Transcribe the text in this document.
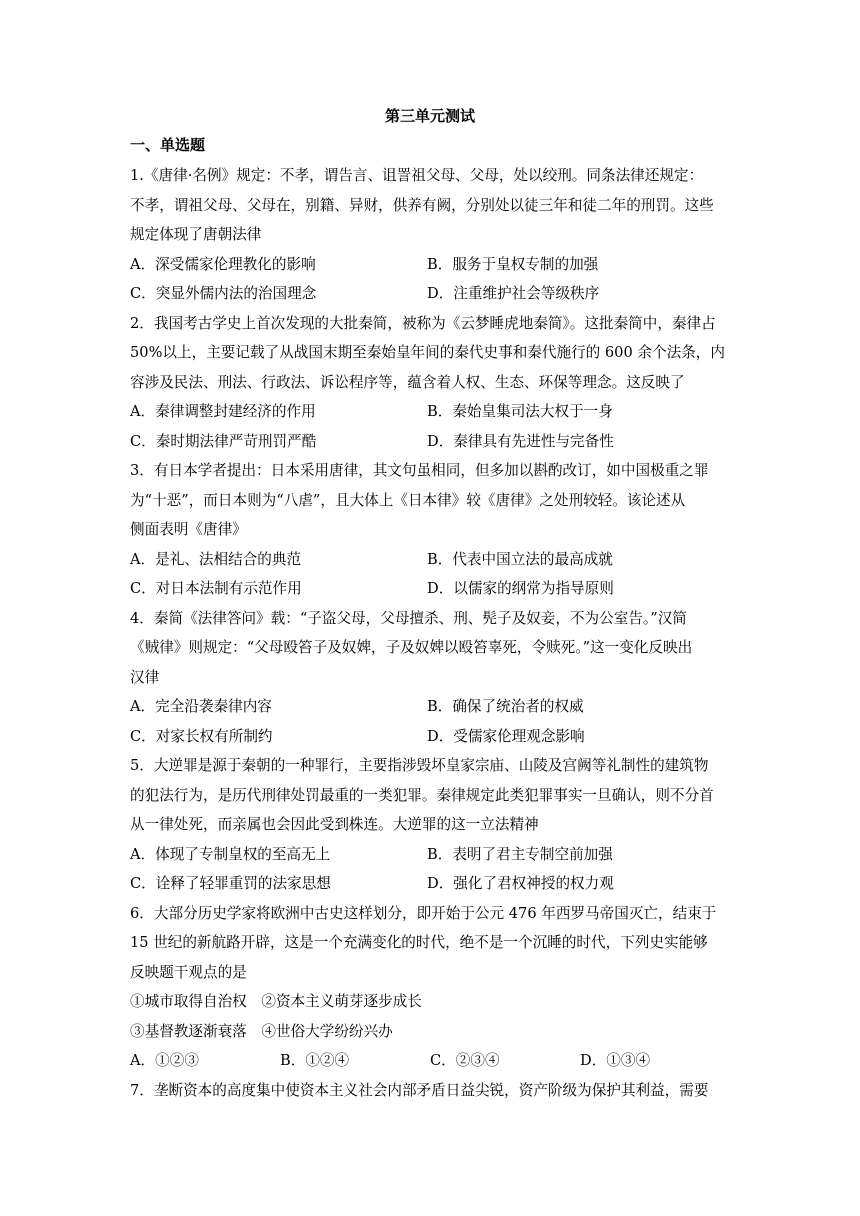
第三单元测试
一、单选题
1.《唐律·名例》规定：不孝，谓告言、诅詈祖父母、父母，处以绞刑。同条法律还规定：
不孝，谓祖父母、父母在，别籍、异财，供养有阙，分别处以徒三年和徒二年的刑罚。这些
规定体现了唐朝法律
A．深受儒家伦理教化的影响	B．服务于皇权专制的加强
C．突显外儒内法的治国理念	D．注重维护社会等级秩序
2．我国考古学史上首次发现的大批秦简，被称为《云梦睡虎地秦简》。这批秦简中，秦律占
50%以上，主要记载了从战国末期至秦始皇年间的秦代史事和秦代施行的 600 余个法条，内
容涉及民法、刑法、行政法、诉讼程序等，蕴含着人权、生态、环保等理念。这反映了
A．秦律调整封建经济的作用	B．秦始皇集司法大权于一身
C．秦时期法律严苛刑罚严酷	D．秦律具有先进性与完备性
3．有日本学者提出：日本采用唐律，其文句虽相同，但多加以斟酌改订，如中国极重之罪
为“十恶”，而日本则为“八虐”，且大体上《日本律》较《唐律》之处刑较轻。该论述从
侧面表明《唐律》
A．是礼、法相结合的典范	B．代表中国立法的最高成就
C．对日本法制有示范作用	D．以儒家的纲常为指导原则
4．秦简《法律答问》载：“子盗父母，父母擅杀、刑、髡子及奴妾，不为公室告。”汉简
《贼律》则规定：“父母殴笞子及奴婢，子及奴婢以殴笞辜死，令赎死。”这一变化反映出
汉律
A．完全沿袭秦律内容	B．确保了统治者的权威
C．对家长权有所制约	D．受儒家伦理观念影响
5．大逆罪是源于秦朝的一种罪行，主要指涉毁坏皇家宗庙、山陵及宫阙等礼制性的建筑物
的犯法行为，是历代刑律处罚最重的一类犯罪。秦律规定此类犯罪事实一旦确认，则不分首
从一律处死，而亲属也会因此受到株连。大逆罪的这一立法精神
A．体现了专制皇权的至高无上	B．表明了君主专制空前加强
C．诠释了轻罪重罚的法家思想	D．强化了君权神授的权力观
6．大部分历史学家将欧洲中古史这样划分，即开始于公元 476 年西罗马帝国灭亡，结束于
15 世纪的新航路开辟，这是一个充满变化的时代，绝不是一个沉睡的时代，下列史实能够
反映题干观点的是
①城市取得自治权　②资本主义萌芽逐步成长
③基督教逐渐衰落　④世俗大学纷纷兴办
A．①②③	B．①②④	C．②③④	D．①③④
7．垄断资本的高度集中使资本主义社会内部矛盾日益尖锐，资产阶级为保护其利益，需要
